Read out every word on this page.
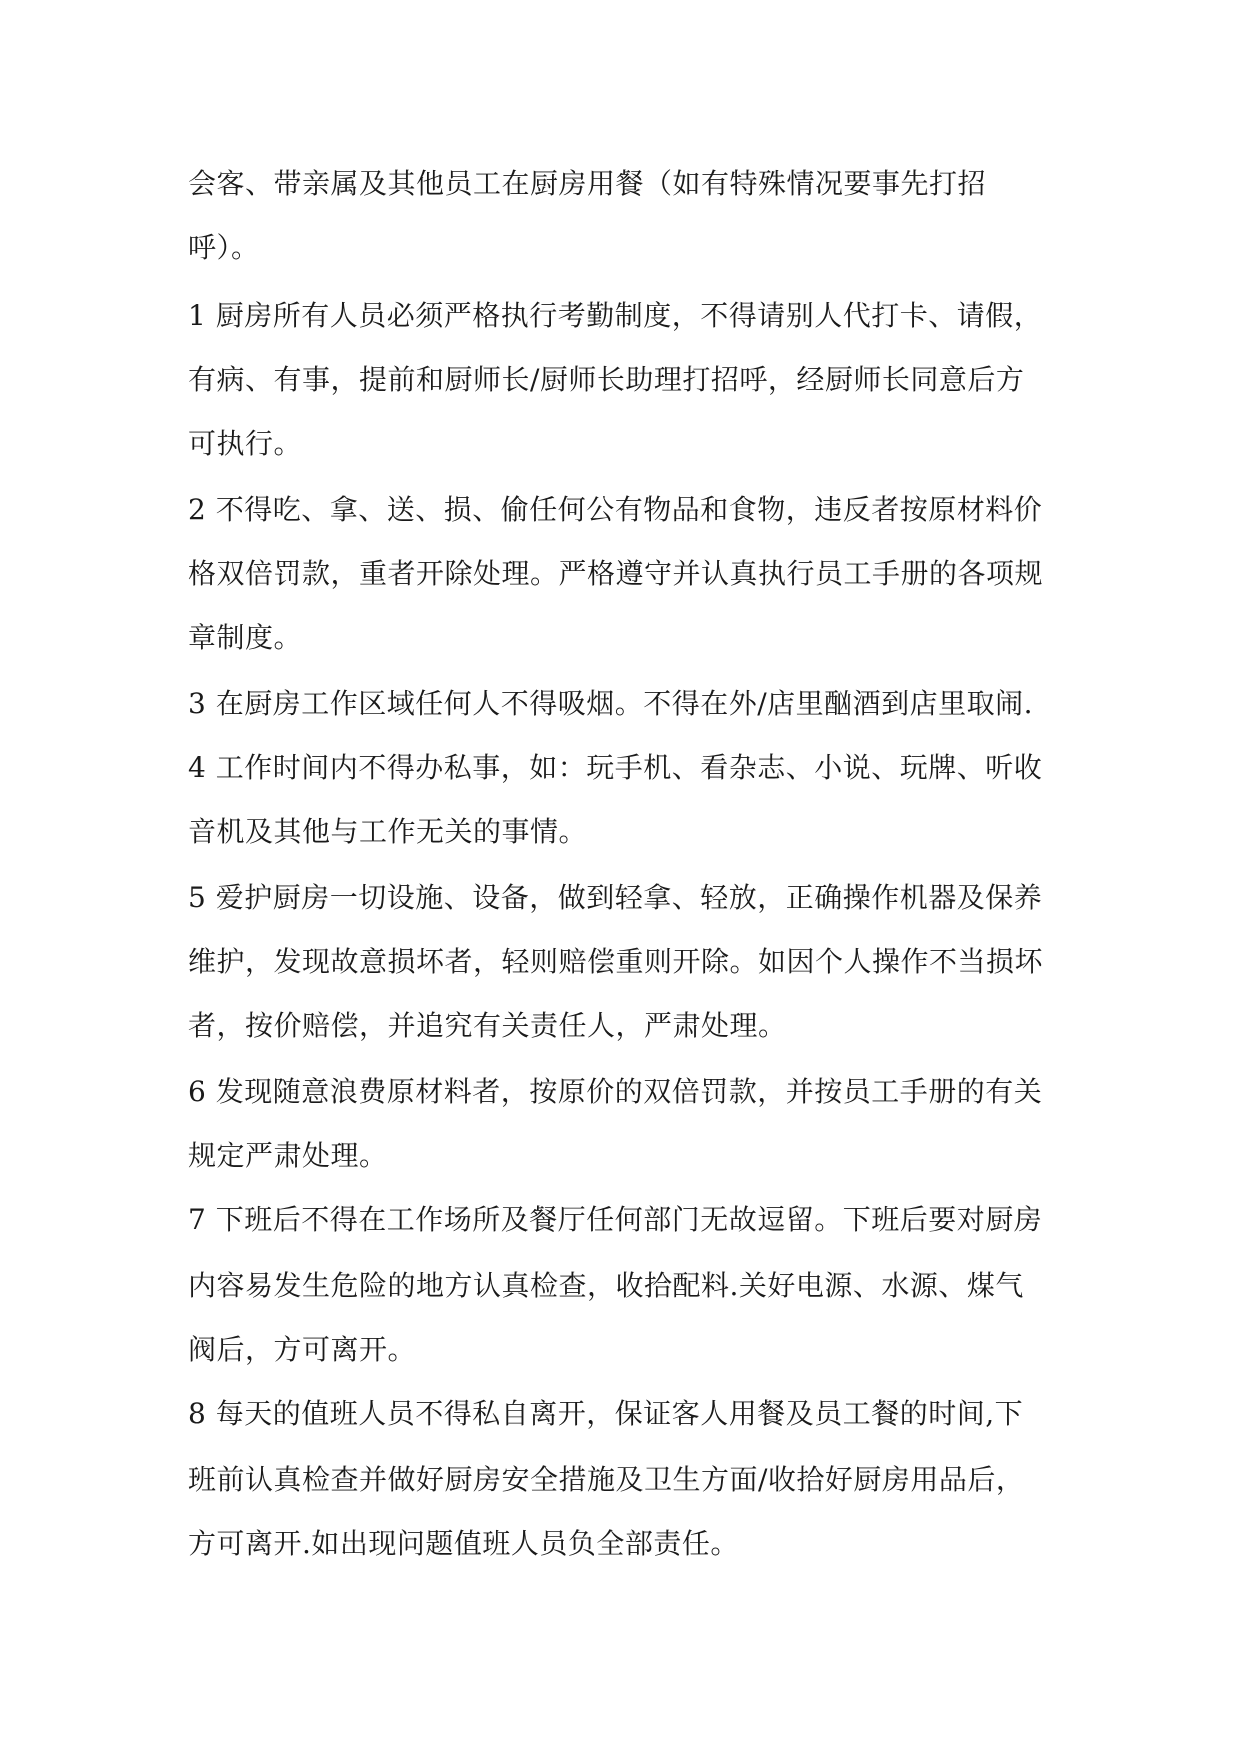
会客、带亲属及其他员工在厨房用餐（如有特殊情况要事先打招
呼）。
1 厨房所有人员必须严格执行考勤制度，不得请别人代打卡、请假，
有病、有事，提前和厨师长/厨师长助理打招呼，经厨师长同意后方
可执行。
2 不得吃、拿、送、损、偷任何公有物品和食物，违反者按原材料价
格双倍罚款，重者开除处理。严格遵守并认真执行员工手册的各项规
章制度。
3 在厨房工作区域任何人不得吸烟。不得在外/店里酗酒到店里取闹.
4 工作时间内不得办私事，如：玩手机、看杂志、小说、玩牌、听收
音机及其他与工作无关的事情。
5 爱护厨房一切设施、设备，做到轻拿、轻放，正确操作机器及保养
维护，发现故意损坏者，轻则赔偿重则开除。如因个人操作不当损坏
者，按价赔偿，并追究有关责任人，严肃处理。
6 发现随意浪费原材料者，按原价的双倍罚款，并按员工手册的有关
规定严肃处理。
7 下班后不得在工作场所及餐厅任何部门无故逗留。下班后要对厨房
内容易发生危险的地方认真检查，收拾配料.关好电源、水源、煤气
阀后，方可离开。
8 每天的值班人员不得私自离开，保证客人用餐及员工餐的时间,下
班前认真检查并做好厨房安全措施及卫生方面/收拾好厨房用品后，
方可离开.如出现问题值班人员负全部责任。
